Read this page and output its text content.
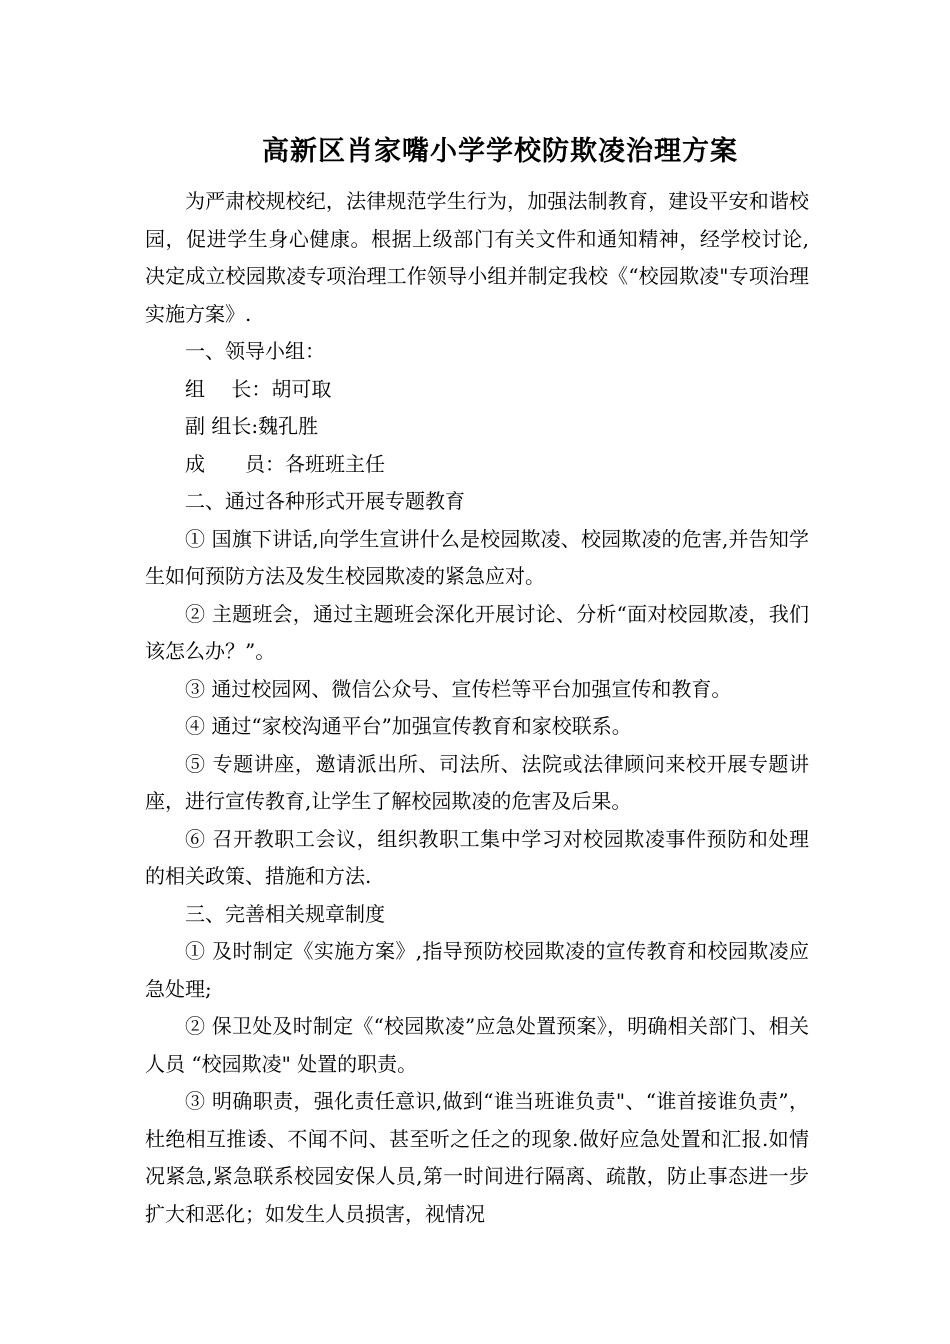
高新区肖家嘴小学学校防欺凌治理方案

为严肃校规校纪，法律规范学生行为，加强法制教育，建设平安和谐校园，促进学生身心健康。根据上级部门有关文件和通知精神，经学校讨论,决定成立校园欺凌专项治理工作领导小组并制定我校《“校园欺凌"专项治理实施方案》.

一、领导小组：

组　 长：胡可取

副 组长:魏孔胜

成　　员：各班班主任

二、通过各种形式开展专题教育

① 国旗下讲话,向学生宣讲什么是校园欺凌、校园欺凌的危害,并告知学生如何预防方法及发生校园欺凌的紧急应对。

② 主题班会，通过主题班会深化开展讨论、分析“面对校园欺凌，我们该怎么办？”。

③ 通过校园网、微信公众号、宣传栏等平台加强宣传和教育。

④ 通过“家校沟通平台”加强宣传教育和家校联系。

⑤ 专题讲座，邀请派出所、司法所、法院或法律顾问来校开展专题讲座，进行宣传教育,让学生了解校园欺凌的危害及后果。

⑥ 召开教职工会议，组织教职工集中学习对校园欺凌事件预防和处理的相关政策、措施和方法.

三、完善相关规章制度

① 及时制定《实施方案》,指导预防校园欺凌的宣传教育和校园欺凌应急处理;

② 保卫处及时制定《“校园欺凌”应急处置预案》，明确相关部门、相关人员 “校园欺凌" 处置的职责。

③ 明确职责，强化责任意识,做到“谁当班谁负责"、“谁首接谁负责”，杜绝相互推诿、不闻不问、甚至听之任之的现象.做好应急处置和汇报.如情况紧急,紧急联系校园安保人员,第一时间进行隔离、疏散，防止事态进一步扩大和恶化；如发生人员损害，视情况
